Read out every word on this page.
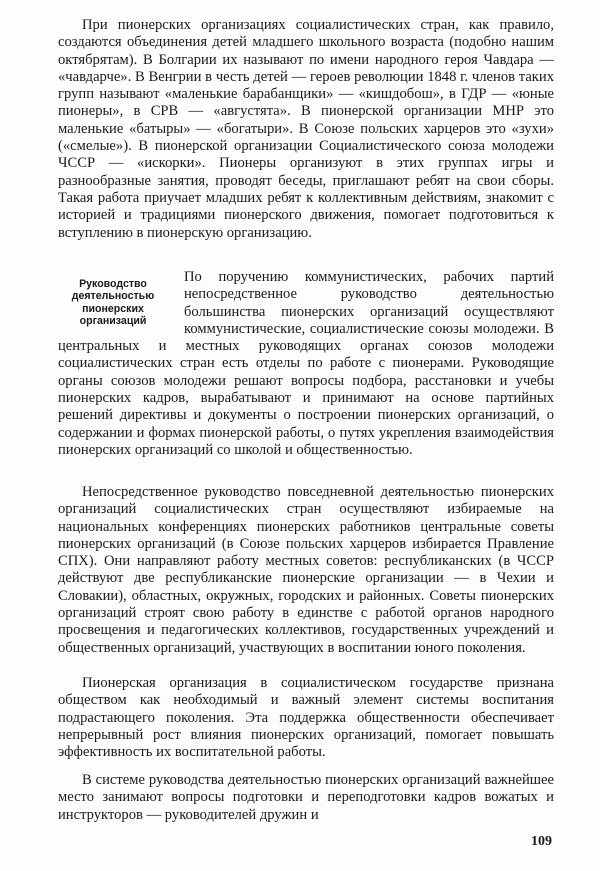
При пионерских организациях социалистических стран, как правило, создаются объединения детей младшего школьного возраста (подобно нашим октябрятам). В Болгарии их называют по имени народного героя Чавдара — «чавдарче». В Венгрии в честь детей — героев революции 1848 г. членов таких групп называют «маленькие барабанщики» — «кишдобош», в ГДР — «юные пионеры», в СРВ — «августята». В пионерской организации МНР это маленькие «батыры» — «богатыри». В Союзе польских харцеров это «зухи» («смелые»). В пионерской организации Социалистического союза молодежи ЧССР — «искорки». Пионеры организуют в этих группах игры и разнообразные занятия, проводят беседы, приглашают ребят на свои сборы. Такая работа приучает младших ребят к коллективным действиям, знакомит с историей и традициями пионерского движения, помогает подготовиться к вступлению в пионерскую организацию.

Руководство деятельностью пионерских организаций

По поручению коммунистических, рабочих партий непосредственное руководство деятельностью большинства пионерских организаций осуществляют коммунистические, социалистические союзы молодежи. В центральных и местных руководящих органах союзов молодежи социалистических стран есть отделы по работе с пионерами. Руководящие органы союзов молодежи решают вопросы подбора, расстановки и учебы пионерских кадров, вырабатывают и принимают на основе партийных решений директивы и документы о построении пионерских организаций, о содержании и формах пионерской работы, о путях укрепления взаимодействия пионерских организаций со школой и общественностью.

Непосредственное руководство повседневной деятельностью пионерских организаций социалистических стран осуществляют избираемые на национальных конференциях пионерских работников центральные советы пионерских организаций (в Союзе польских харцеров избирается Правление СПХ). Они направляют работу местных советов: республиканских (в ЧССР действуют две республиканские пионерские организации — в Чехии и Словакии), областных, окружных, городских и районных. Советы пионерских организаций строят свою работу в единстве с работой органов народного просвещения и педагогических коллективов, государственных учреждений и общественных организаций, участвующих в воспитании юного поколения.

Пионерская организация в социалистическом государстве признана обществом как необходимый и важный элемент системы воспитания подрастающего поколения. Эта поддержка общественности обеспечивает непрерывный рост влияния пионерских организаций, помогает повышать эффективность их воспитательной работы.

В системе руководства деятельностью пионерских организаций важнейшее место занимают вопросы подготовки и переподготовки кадров вожатых и инструкторов — руководителей дружин и

109
